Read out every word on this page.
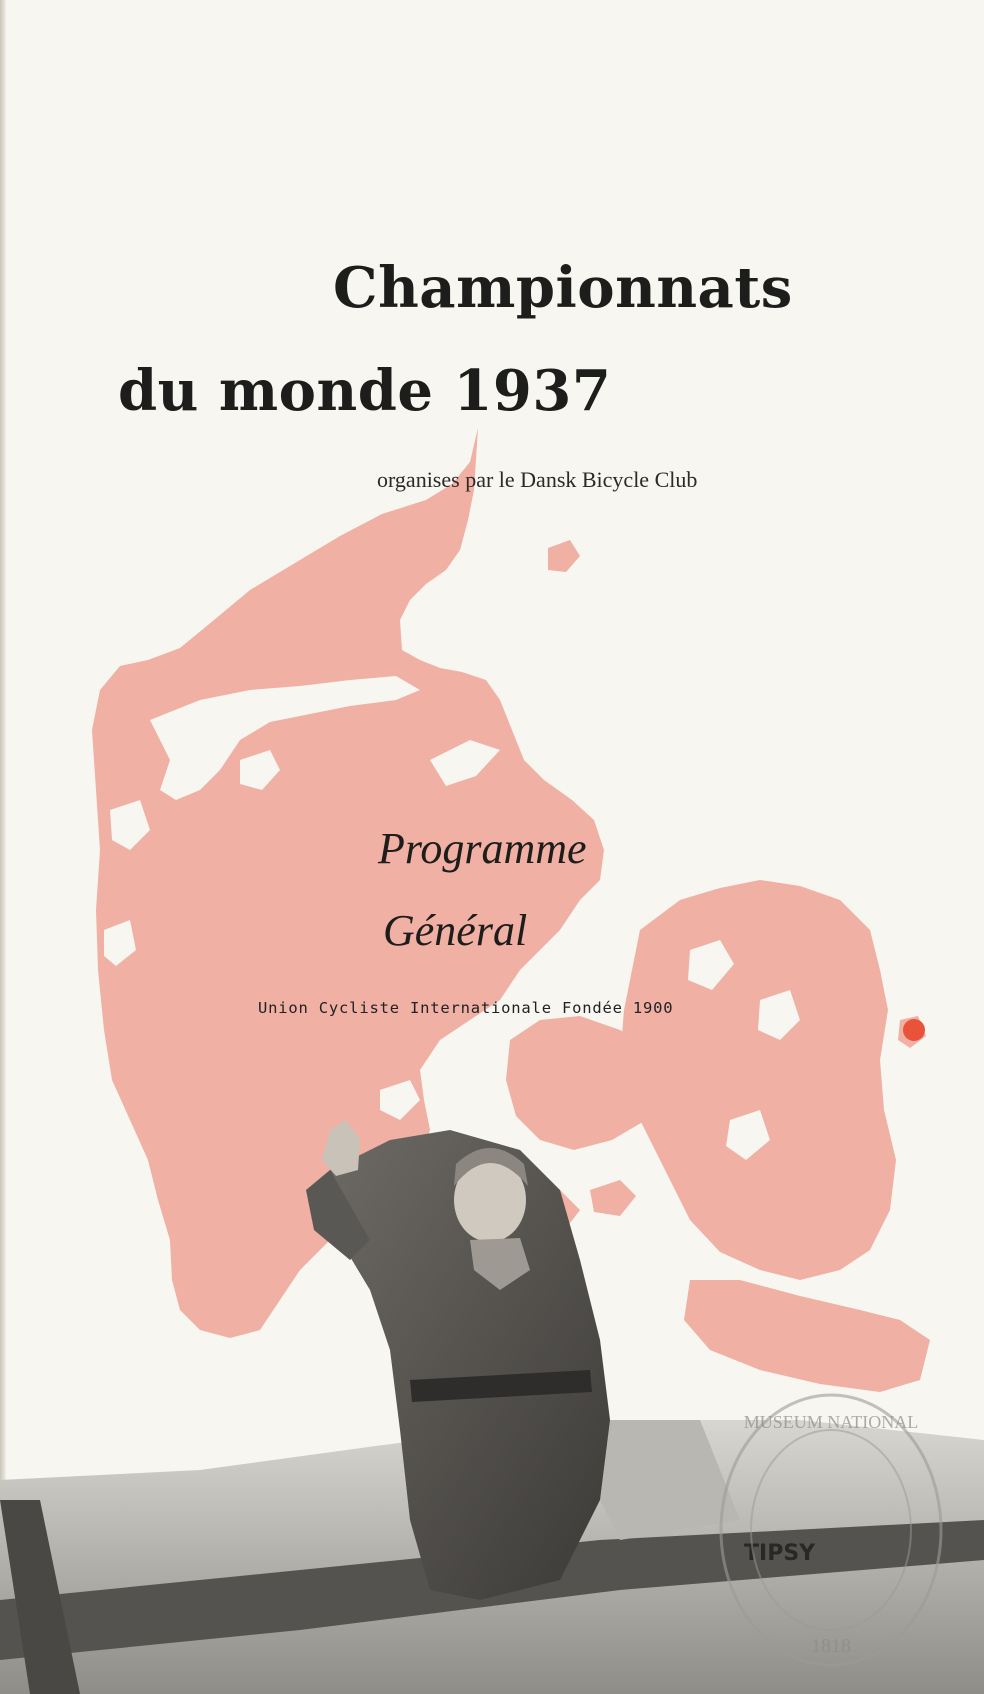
Championnats
du monde 1937
organises par le Dansk Bicycle Club
Programme
Général
Union Cycliste Internationale Fondée 1900
TIPSY
MUSEUM NATIONAL
1818
